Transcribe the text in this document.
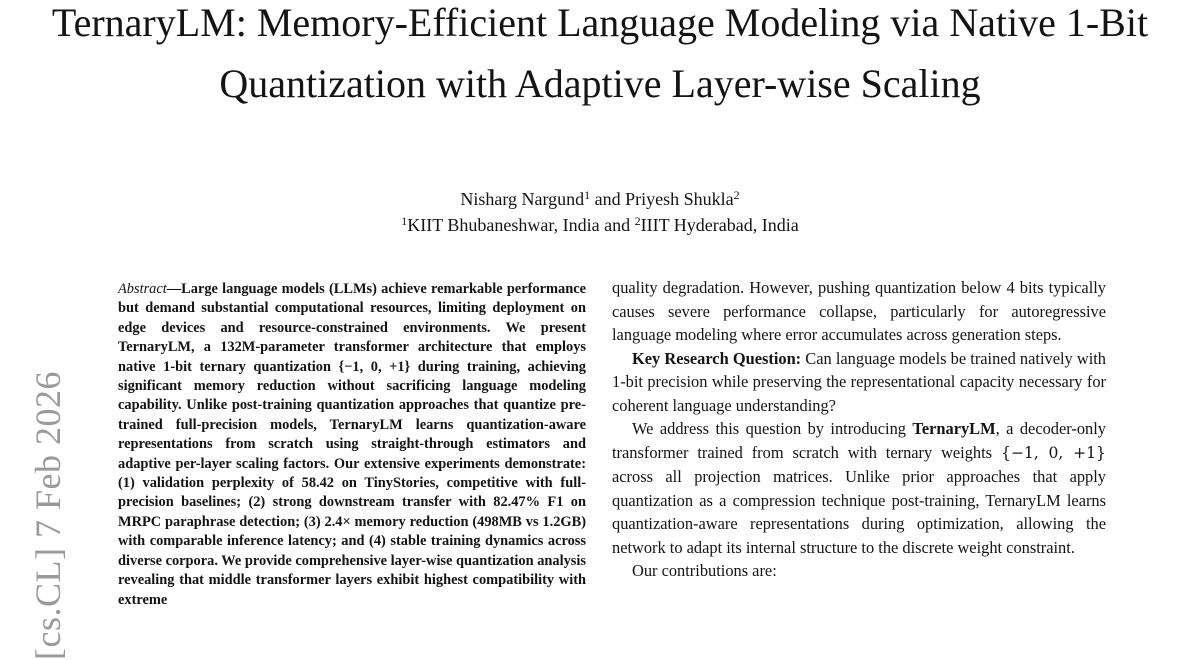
TernaryLM: Memory-Efficient Language Modeling via Native 1-Bit Quantization with Adaptive Layer-wise Scaling
Nisharg Nargund$^1$ and Priyesh Shukla$^2$
$^1$KIIT Bhubaneshwar, India and $^2$IIIT Hyderabad, India
[cs.CL] 7 Feb 2026
Abstract—Large language models (LLMs) achieve remarkable performance but demand substantial computational resources, limiting deployment on edge devices and resource-constrained environments. We present TernaryLM, a 132M-parameter transformer architecture that employs native 1-bit ternary quantization {−1, 0, +1} during training, achieving significant memory reduction without sacrificing language modeling capability. Unlike post-training quantization approaches that quantize pre-trained full-precision models, TernaryLM learns quantization-aware representations from scratch using straight-through estimators and adaptive per-layer scaling factors. Our extensive experiments demonstrate: (1) validation perplexity of 58.42 on TinyStories, competitive with full-precision baselines; (2) strong downstream transfer with 82.47% F1 on MRPC paraphrase detection; (3) 2.4× memory reduction (498MB vs 1.2GB) with comparable inference latency; and (4) stable training dynamics across diverse corpora. We provide comprehensive layer-wise quantization analysis revealing that middle transformer layers exhibit highest compatibility with extreme

quality degradation. However, pushing quantization below 4 bits typically causes severe performance collapse, particularly for autoregressive language modeling where error accumulates across generation steps.

Key Research Question: Can language models be trained natively with 1-bit precision while preserving the representational capacity necessary for coherent language understanding?

We address this question by introducing TernaryLM, a decoder-only transformer trained from scratch with ternary weights {−1, 0, +1} across all projection matrices. Unlike prior approaches that apply quantization as a compression technique post-training, TernaryLM learns quantization-aware representations during optimization, allowing the network to adapt its internal structure to the discrete weight constraint.

Our contributions are:
